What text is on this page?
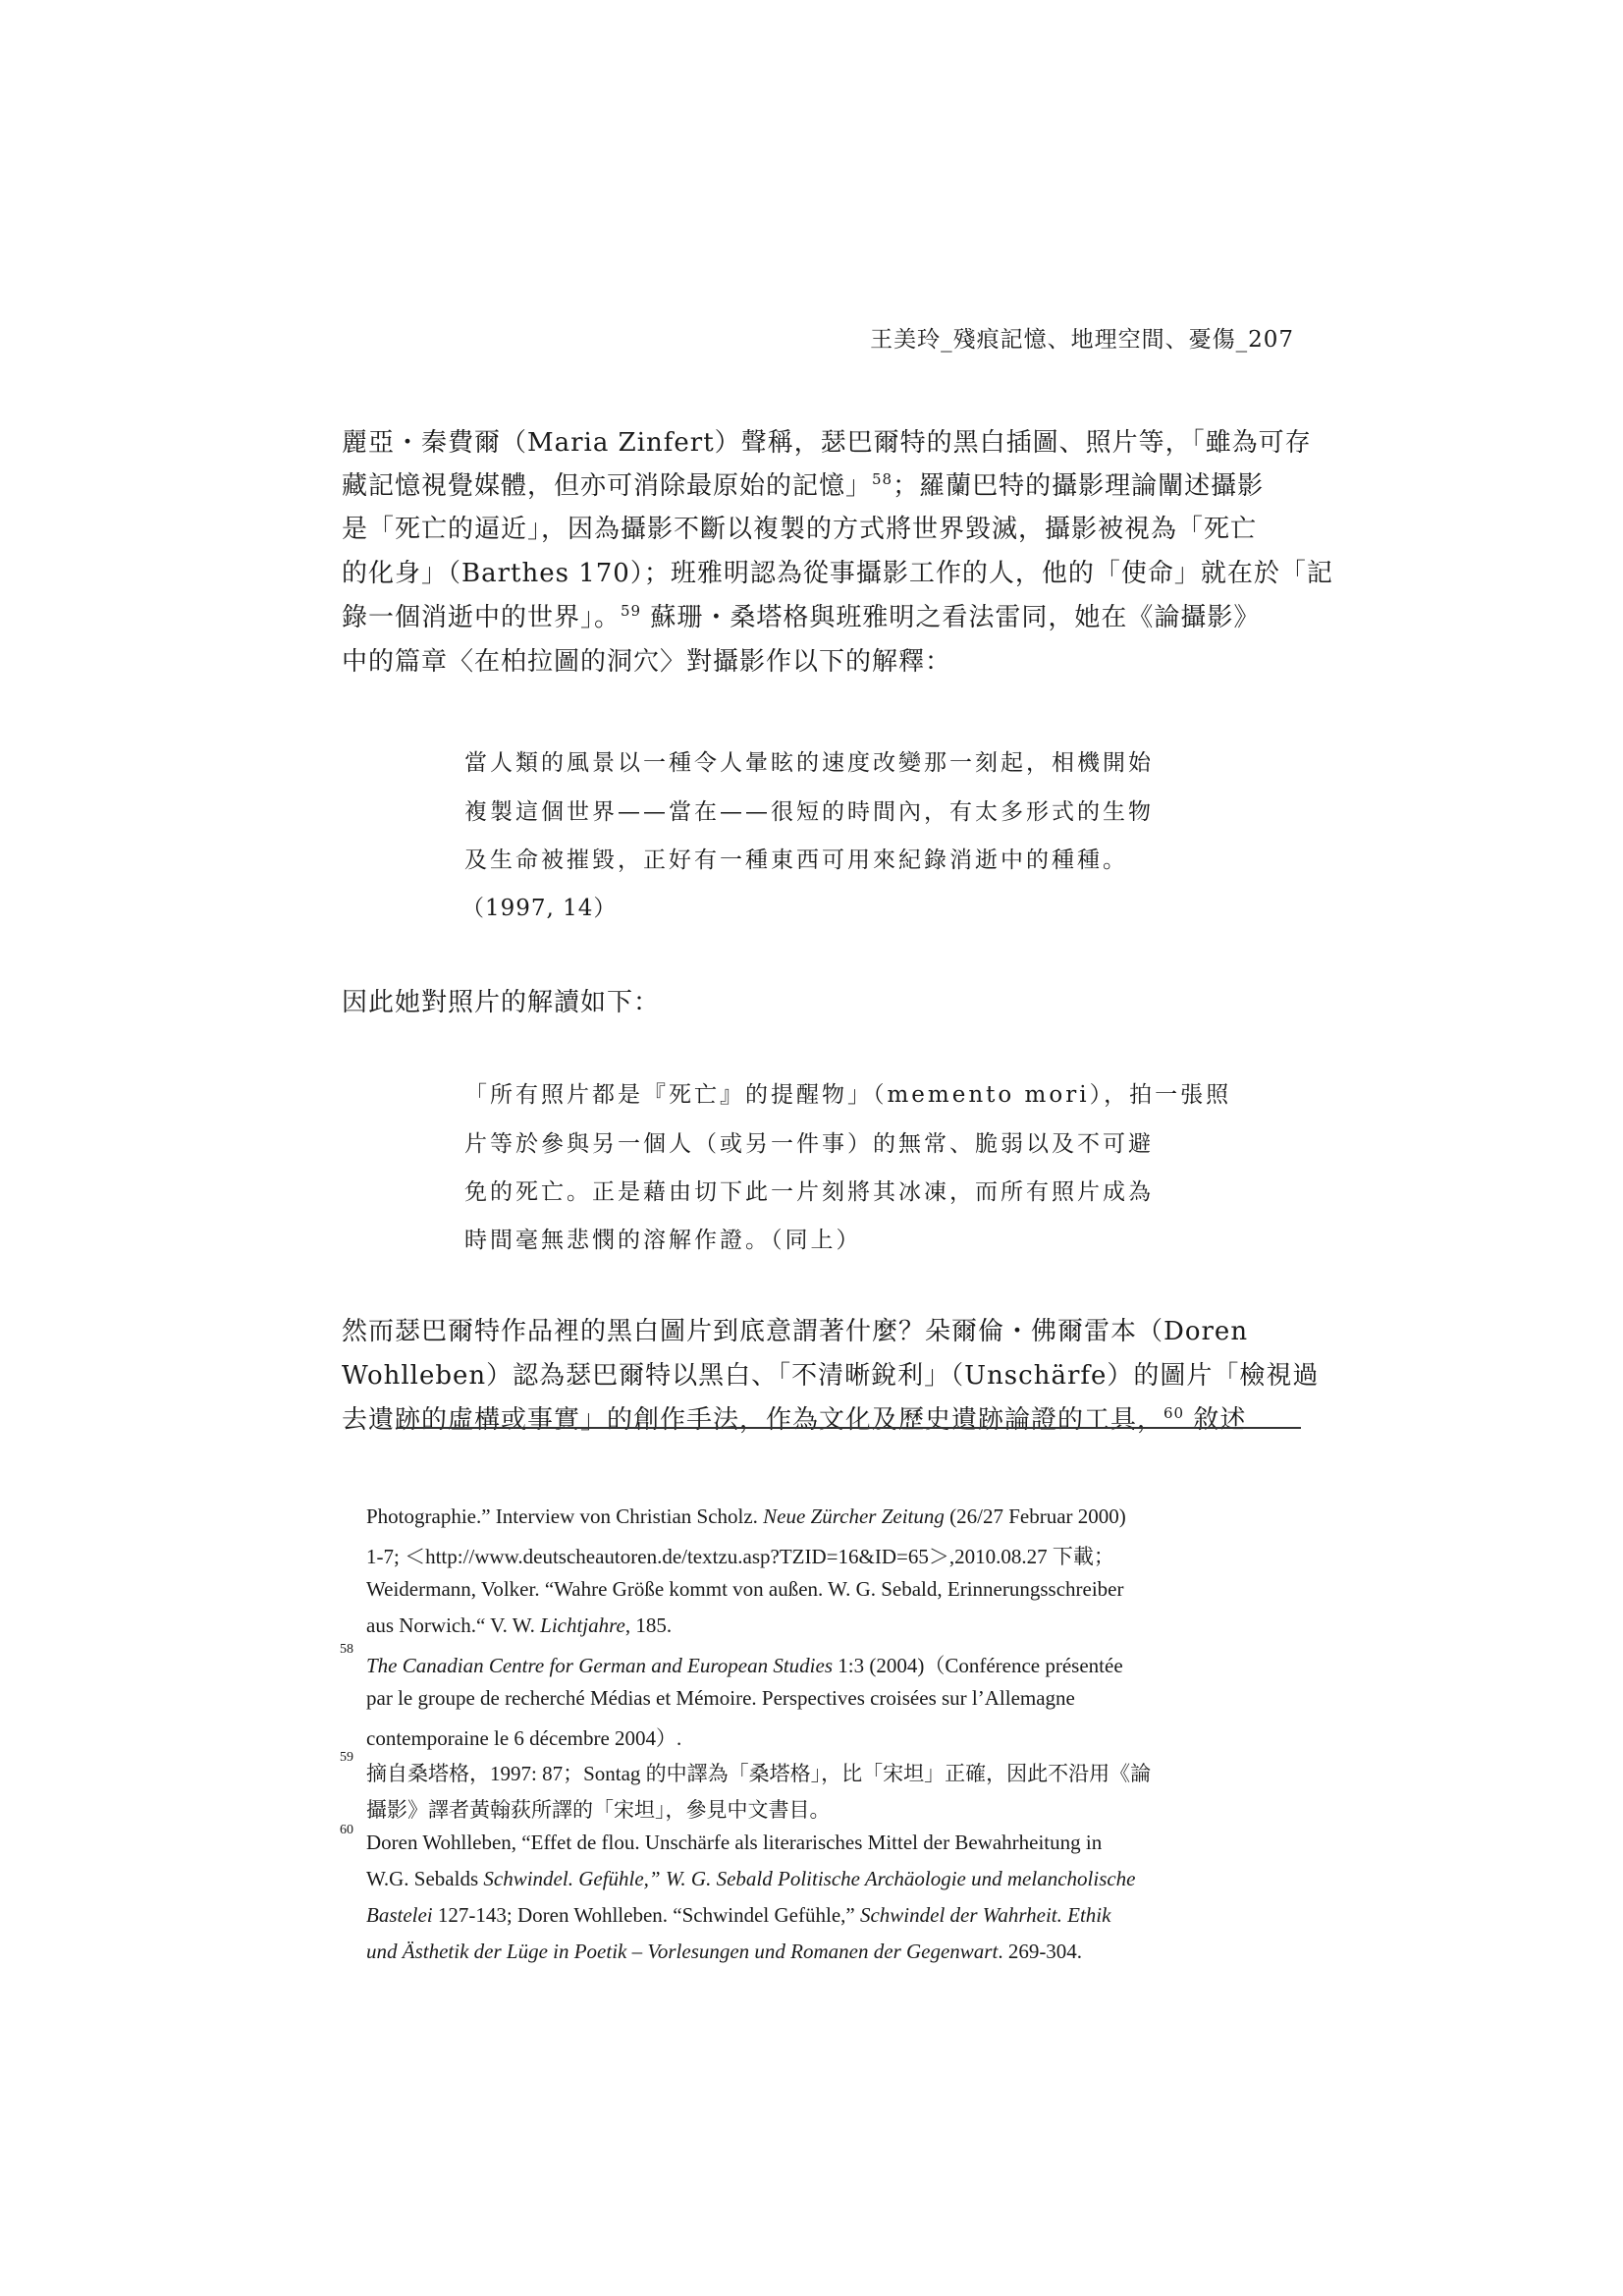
王美玲_殘痕記憶、地理空間、憂傷_207
麗亞・秦費爾（Maria Zinfert）聲稱，瑟巴爾特的黑白插圖、照片等，「雖為可存
藏記憶視覺媒體，但亦可消除最原始的記憶」$^{58}$；羅蘭巴特的攝影理論闡述攝影
是「死亡的逼近」，因為攝影不斷以複製的方式將世界毀滅，攝影被視為「死亡
的化身」（Barthes 170）；班雅明認為從事攝影工作的人，他的「使命」就在於「記
錄一個消逝中的世界」。$^{59}$ 蘇珊・桑塔格與班雅明之看法雷同，她在《論攝影》
中的篇章〈在柏拉圖的洞穴〉對攝影作以下的解釋：
當人類的風景以一種令人暈眩的速度改變那一刻起，相機開始
複製這個世界——當在——很短的時間內，有太多形式的生物
及生命被摧毀，正好有一種東西可用來紀錄消逝中的種種。
（1997, 14）
因此她對照片的解讀如下：
「所有照片都是『死亡』的提醒物」（memento mori），拍一張照
片等於參與另一個人（或另一件事）的無常、脆弱以及不可避
免的死亡。正是藉由切下此一片刻將其冰凍，而所有照片成為
時間毫無悲憫的溶解作證。（同上）
然而瑟巴爾特作品裡的黑白圖片到底意謂著什麼？朵爾倫・佛爾雷本（Doren
Wohlleben）認為瑟巴爾特以黑白、「不清晰銳利」（Unschärfe）的圖片「檢視過
去遺跡的虛構或事實」的創作手法，作為文化及歷史遺跡論證的工具，$^{60}$ 敘述
Photographie.” Interview von Christian Scholz. Neue Zürcher Zeitung (26/27 Februar 2000)
1-7; ＜http://www.deutscheautoren.de/textzu.asp?TZID=16&ID=65＞,2010.08.27 下載；
Weidermann, Volker. “Wahre Größe kommt von außen. W. G. Sebald, Erinnerungsschreiber
aus Norwich.“ V. W. Lichtjahre, 185.
58
The Canadian Centre for German and European Studies 1:3 (2004)（Conférence présentée
par le groupe de recherché Médias et Mémoire. Perspectives croisées sur l’Allemagne
contemporaine le 6 décembre 2004）.
59
摘自桑塔格，1997: 87；Sontag 的中譯為「桑塔格」，比「宋坦」正確，因此不沿用《論
攝影》譯者黃翰荻所譯的「宋坦」，參見中文書目。
60
Doren Wohlleben, “Effet de flou. Unschärfe als literarisches Mittel der Bewahrheitung in
W.G. Sebalds Schwindel. Gefühle,” W. G. Sebald Politische Archäologie und melancholische
Bastelei 127-143; Doren Wohlleben. “Schwindel Gefühle,” Schwindel der Wahrheit. Ethik
und Ästhetik der Lüge in Poetik – Vorlesungen und Romanen der Gegenwart. 269-304.
